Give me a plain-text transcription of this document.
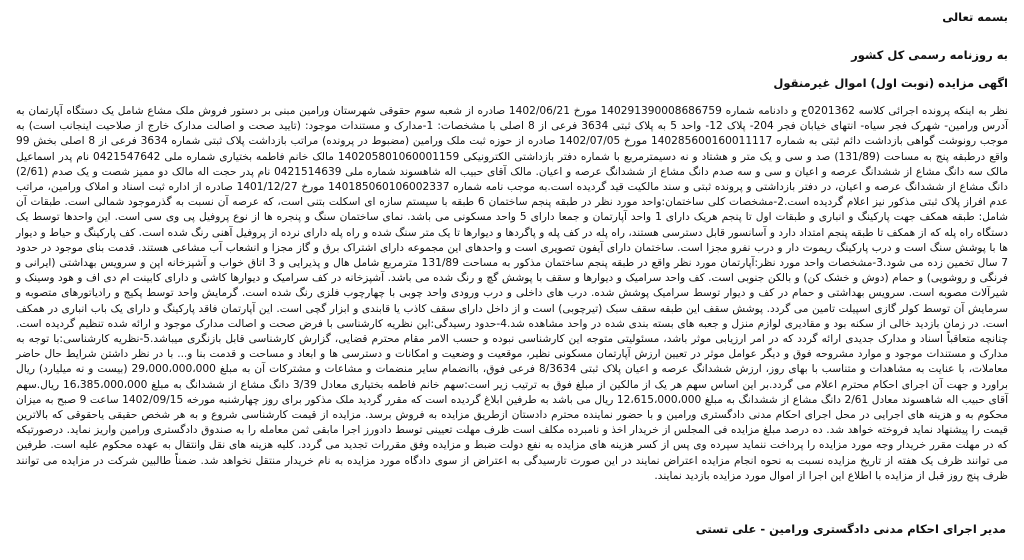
بسمه تعالی

به روزنامه رسمی کل کشور

اگهی مزایده (نوبت اول) اموال غیرمنقول

نظر به اینکه پرونده اجرائی کلاسه 0201362ج و دادنامه شماره 140291390008686759 مورخ 1402/06/21 صادره از شعبه سوم حقوقی شهرستان ورامین مبنی بر دستور فروش ملک مشاع شامل یک دستگاه آپارتمان به آدرس ورامین- شهرک فجر سیاه- انتهای خیابان فجر 204- پلاک 12- واحد 5 به پلاک ثبتی 3634 فرعی از 8 اصلی با مشخصات: 1-مدارک و مستندات موجود: (تایید صحت و اصالت مدارک خارج از صلاحیت اینجانب است) به موجب رونوشت گواهی بازداشت دائم ثبتی به شماره 140285600160011117 مورخ 1402/07/05 صادره از حوزه ثبت ملک ورامین (مضبوط در پرونده) مراتب بازداشت پلاک ثبتی شماره 3634 فرعی از 8 اصلی بخش 99 واقع درطبقه پنج به مساحت (131/89) صد و سی و یک متر و هشتاد و نه دسیمترمربع با شماره دفتر بازداشتی الکترونیکی 140205801060001159 مالک خانم فاطمه بختیاری شماره ملی 0421547642 نام پدر اسماعیل مالک سه دانگ مشاع از ششدانگ عرصه و اعیان و سی و سه صدم دانگ مشاع از ششدانگ عرصه و اعیان. مالک آقای حبیب اله شاهسوند شماره ملی 0421514639 نام پدر حجت اله مالک دو ممیز شصت و یک صدم (2/61) دانگ مشاع از ششدانگ عرصه و اعیان، در دفتر بازداشتی و پرونده ثبتی و سند مالکیت قید گردیده است.به موجب نامه شماره 140185060106002337 مورخ 1401/12/27 صادره از اداره ثبت اسناد و املاک ورامین، مراتب عدم افراز پلاک ثبتی مذکور نیز اعلام گردیده است.2-مشخصات کلی ساختمان:واحد مورد نظر در طبقه پنجم ساختمان 6 طبقه با سیستم سازه ای اسکلت بتنی است، که عرصه آن نسبت به گذرموجود شمالی است. طبقات آن شامل: طبقه همکف جهت پارکینگ و انباری و طبقات اول تا پنجم هریک دارای 1 واحد آپارتمان و جمعا دارای 5 واحد مسکونی می باشد. نمای ساختمان سنگ و پنجره ها از نوع پروفیل پی وی سی است. این واحدها توسط یک دستگاه راه پله که از همکف تا طبقه پنجم امتداد دارد و آسانسور قابل دسترسی هستند، راه پله در کف پله و پاگردها و دیوارها تا یک متر سنگ شده و راه پله دارای نرده از پروفیل آهنی رنگ شده است. کف پارکینگ و حیاط و دیوار ها با پوشش سنگ است و درب پارکینگ ریموت دار و درب نفرو مجزا است. ساختمان دارای آیفون تصویری است و واحدهای این مجموعه دارای اشتراک برق و گاز مجزا و انشعاب آب مشاعی هستند. قدمت بنای موجود در حدود 7 سال تخمین زده می شود.3-مشخصات واحد مورد نظر:آپارتمان مورد نظر واقع در طبقه پنجم ساختمان مذکور به مساحت 131/89 مترمربع شامل هال و پذیرایی و 3 اتاق خواب و آشپزخانه اپن و سرویس بهداشتی (ایرانی و فرنگی و روشویی) و حمام (دوش و خشک کن) و بالکن جنوبی است. کف واحد سرامیک و دیوارها و سقف با پوشش گچ و رنگ شده می باشد. آشپزخانه در کف سرامیک و دیوارها کاشی و دارای کابینت ام دی اف و هود وسینک و شیرآلات مصوبه است. سرویس بهداشتی و حمام در کف و دیوار توسط سرامیک پوشش شده. درب های داخلی و درب ورودی واحد چوبی با چهارچوب فلزی رنگ شده است. گرمایش واحد توسط پکیج و رادیاتورهای متصوبه و سرمایش آن توسط کولر گازی اسپیلت تامین می گردد. پوشش سقف این طبقه سقف سبک (تیرچوبی) است و از داخل دارای سقف کاذب یا قابندی و ابزار گچی است. این آپارتمان فاقد پارکینگ و دارای یک باب انباری در همکف است. در زمان بازدید خالی از سکنه بود و مقادیری لوازم منزل و جعبه های بسته بندی شده در واحد مشاهده شد.4-حدود رسیدگی:این نظریه کارشناسی با فرض صحت و اصالت مدارک موجود و ارائه شده تنظیم گردیده است. چنانچه متعاقباً اسناد و مدارک جدیدی ارائه گردد که در امر ارزیابی موثر باشد، مسئولیتی متوجه این کارشناسی نبوده و حسب الامر مقام محترم قضایی، گزارش کارشناسی قابل بازنگری میباشد.5-نظریه کارشناسی:با توجه به مدارک و مستندات موجود و موارد مشروحه فوق و دیگر عوامل موثر در تعیین ارزش آپارتمان مسکونی نظیر، موقعیت و وضعیت و امکانات و دسترسی ها و ابعاد و مساحت و قدمت بنا و... با در نظر داشتن شرایط حال حاضر معاملات، با عنایت به مشاهدات و متناسب با بهای روز، ارزش ششدانگ عرصه و اعیان پلاک ثبتی 8/3634 فرعی فوق، باانضمام سایر منضمات و مشاعات و مشترکات آن به مبلغ 29،000،000،000 (بیست و نه میلیارد) ریال براورد و جهت آن اجرای احکام محترم اعلام می گردد.بر این اساس سهم هر یک از مالکین از مبلغ فوق به ترتیب زیر است:سهم خانم فاطمه بختیاری معادل 3/39 دانگ مشاع از ششدانگ به مبلغ 16،385،000،000 ریال.سهم آقای حبیب اله شاهسوند معادل 2/61 دانگ مشاع از ششدانگ به مبلغ 12،615،000،000 ریال می باشد به طرفین ابلاغ گردیده است که مقرر گردید ملک مذکور برای روز چهارشنبه مورخه 1402/09/15 ساعت 9 صبح به میزان محکوم به و هزینه های اجرایی در محل اجرای احکام مدنی دادگستری ورامین و با حضور نماینده محترم دادستان ازطریق مزایده به فروش برسد. مزایده از قیمت کارشناسی شروع و به هر شخص حقیقی یاحقوقی که بالاترین قیمت را پیشنهاد نماید فروخته خواهد شد. ده درصد مبلغ مزایده فی المجلس از خریدار اخذ و نامبرده مکلف است ظرف مهلت تعیینی توسط دادورز اجرا مابقی ثمن معامله را به صندوق دادگستری ورامین واریز نماید. درصورتیکه که در مهلت مقرر خریدار وجه مورد مزایده را پرداخت ننماید سپرده وی پس از کسر هزینه های مزایده به نفع دولت ضبط و مزایده وفق مقررات تجدید می گردد. کلیه هزینه های نقل وانتقال به عهده محکوم علیه است. طرفین می توانند ظرف یک هفته از تاریخ مزایده نسبت به نحوه انجام مزایده اعتراض نمایند در این صورت تارسیدگی به اعتراض از سوی دادگاه مورد مزایده به نام خریدار منتقل نخواهد شد. ضمناً طالبین شرکت در مزایده می توانند ظرف پنج روز قبل از مزایده با اطلاع این اجرا از اموال مورد مزایده بازدید نمایند.

مدیر اجرای احکام مدنی دادگستری ورامین - علی تستی
